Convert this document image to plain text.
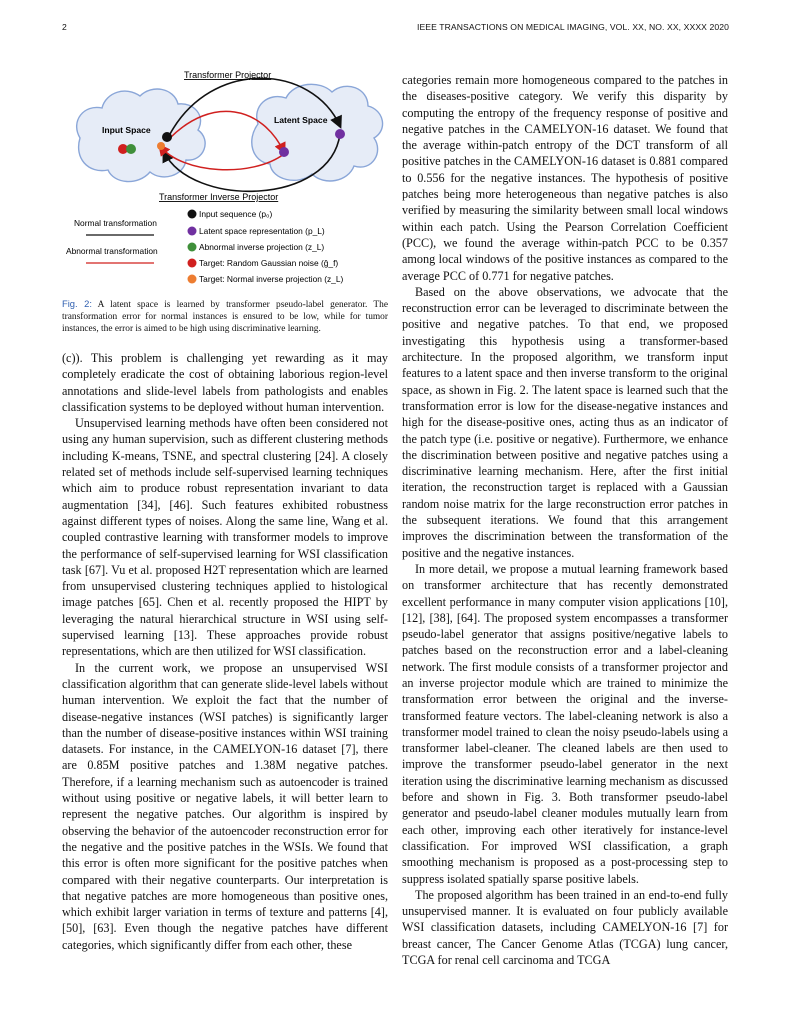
2	IEEE TRANSACTIONS ON MEDICAL IMAGING, VOL. XX, NO. XX, XXXX 2020
Transformer Projector
Input Space
Latent Space
Transformer Inverse Projector
Normal transformation
Abnormal transformation
Input sequence (p₀)
Latent space representation (p_L)
Abnormal inverse projection (z_L)
Target: Random Gaussian noise (ĝ_f)
Target: Normal inverse projection (z_L)
Fig. 2: A latent space is learned by transformer pseudo-label generator. The transformation error for normal instances is ensured to be low, while for tumor instances, the error is aimed to be high using discriminative learning.

(c)). This problem is challenging yet rewarding as it may completely eradicate the cost of obtaining laborious region-level annotations and slide-level labels from pathologists and enables classification systems to be deployed without human intervention.

Unsupervised learning methods have often been considered not using any human supervision, such as different clustering methods including K-means, TSNE, and spectral clustering [24]. A closely related set of methods include self-supervised learning techniques which aim to produce robust representation invariant to data augmentation [34], [46]. Such features exhibited robustness against different types of noises. Along the same line, Wang et al. coupled contrastive learning with transformer models to improve the performance of self-supervised learning for WSI classification task [67]. Vu et al. proposed H2T representation which are learned from unsupervised clustering techniques applied to histological image patches [65]. Chen et al. recently proposed the HIPT by leveraging the natural hierarchical structure in WSI using self-supervised learning [13]. These approaches provide robust representations, which are then utilized for WSI classification.

In the current work, we propose an unsupervised WSI classification algorithm that can generate slide-level labels without human intervention. We exploit the fact that the number of disease-negative instances (WSI patches) is significantly larger than the number of disease-positive instances within WSI training datasets. For instance, in the CAMELYON-16 dataset [7], there are 0.85M positive patches and 1.38M negative patches. Therefore, if a learning mechanism such as autoencoder is trained without using positive or negative labels, it will better learn to represent the negative patches. Our algorithm is inspired by observing the behavior of the autoencoder reconstruction error for the negative and the positive patches in the WSIs. We found that this error is often more significant for the positive patches when compared with their negative counterparts. Our interpretation is that negative patches are more homogeneous than positive ones, which exhibit larger variation in terms of texture and patterns [4], [50], [63]. Even though the negative patches have different categories, which significantly differ from each other, these

categories remain more homogeneous compared to the patches in the diseases-positive category. We verify this disparity by computing the entropy of the frequency response of positive and negative patches in the CAMELYON-16 dataset. We found that the average within-patch entropy of the DCT transform of all positive patches in the CAMELYON-16 dataset is 0.881 compared to 0.556 for the negative instances. The hypothesis of positive patches being more heterogeneous than negative patches is also verified by measuring the similarity between small local windows within each patch. Using the Pearson Correlation Coefficient (PCC), we found the average within-patch PCC to be 0.357 among local windows of the positive instances as compared to the average PCC of 0.771 for negative patches.

Based on the above observations, we advocate that the reconstruction error can be leveraged to discriminate between the positive and negative patches. To that end, we proposed investigating this hypothesis using a transformer-based architecture. In the proposed algorithm, we transform input features to a latent space and then inverse transform to the original space, as shown in Fig. 2. The latent space is learned such that the transformation error is low for the disease-negative instances and high for the disease-positive ones, acting thus as an indicator of the patch type (i.e. positive or negative). Furthermore, we enhance the discrimination between positive and negative patches using a discriminative learning mechanism. Here, after the first initial iteration, the reconstruction target is replaced with a Gaussian random noise matrix for the large reconstruction error patches in the subsequent iterations. We found that this arrangement improves the discrimination between the transformation of the positive and the negative instances.

In more detail, we propose a mutual learning framework based on transformer architecture that has recently demonstrated excellent performance in many computer vision applications [10], [12], [38], [64]. The proposed system encompasses a transformer pseudo-label generator that assigns positive/negative labels to patches based on the reconstruction error and a label-cleaning network. The first module consists of a transformer projector and an inverse projector module which are trained to minimize the transformation error between the original and the inverse-transformed feature vectors. The label-cleaning network is also a transformer model trained to clean the noisy pseudo-labels using a transformer label-cleaner. The cleaned labels are then used to improve the transformer pseudo-label generator in the next iteration using the discriminative learning mechanism as discussed before and shown in Fig. 3. Both transformer pseudo-label generator and pseudo-label cleaner modules mutually learn from each other, improving each other iteratively for instance-level classification. For improved WSI classification, a graph smoothing mechanism is proposed as a post-processing step to suppress isolated spatially sparse positive labels.

The proposed algorithm has been trained in an end-to-end fully unsupervised manner. It is evaluated on four publicly available WSI classification datasets, including CAMELYON-16 [7] for breast cancer, The Cancer Genome Atlas (TCGA) lung cancer, TCGA for renal cell carcinoma and TCGA
